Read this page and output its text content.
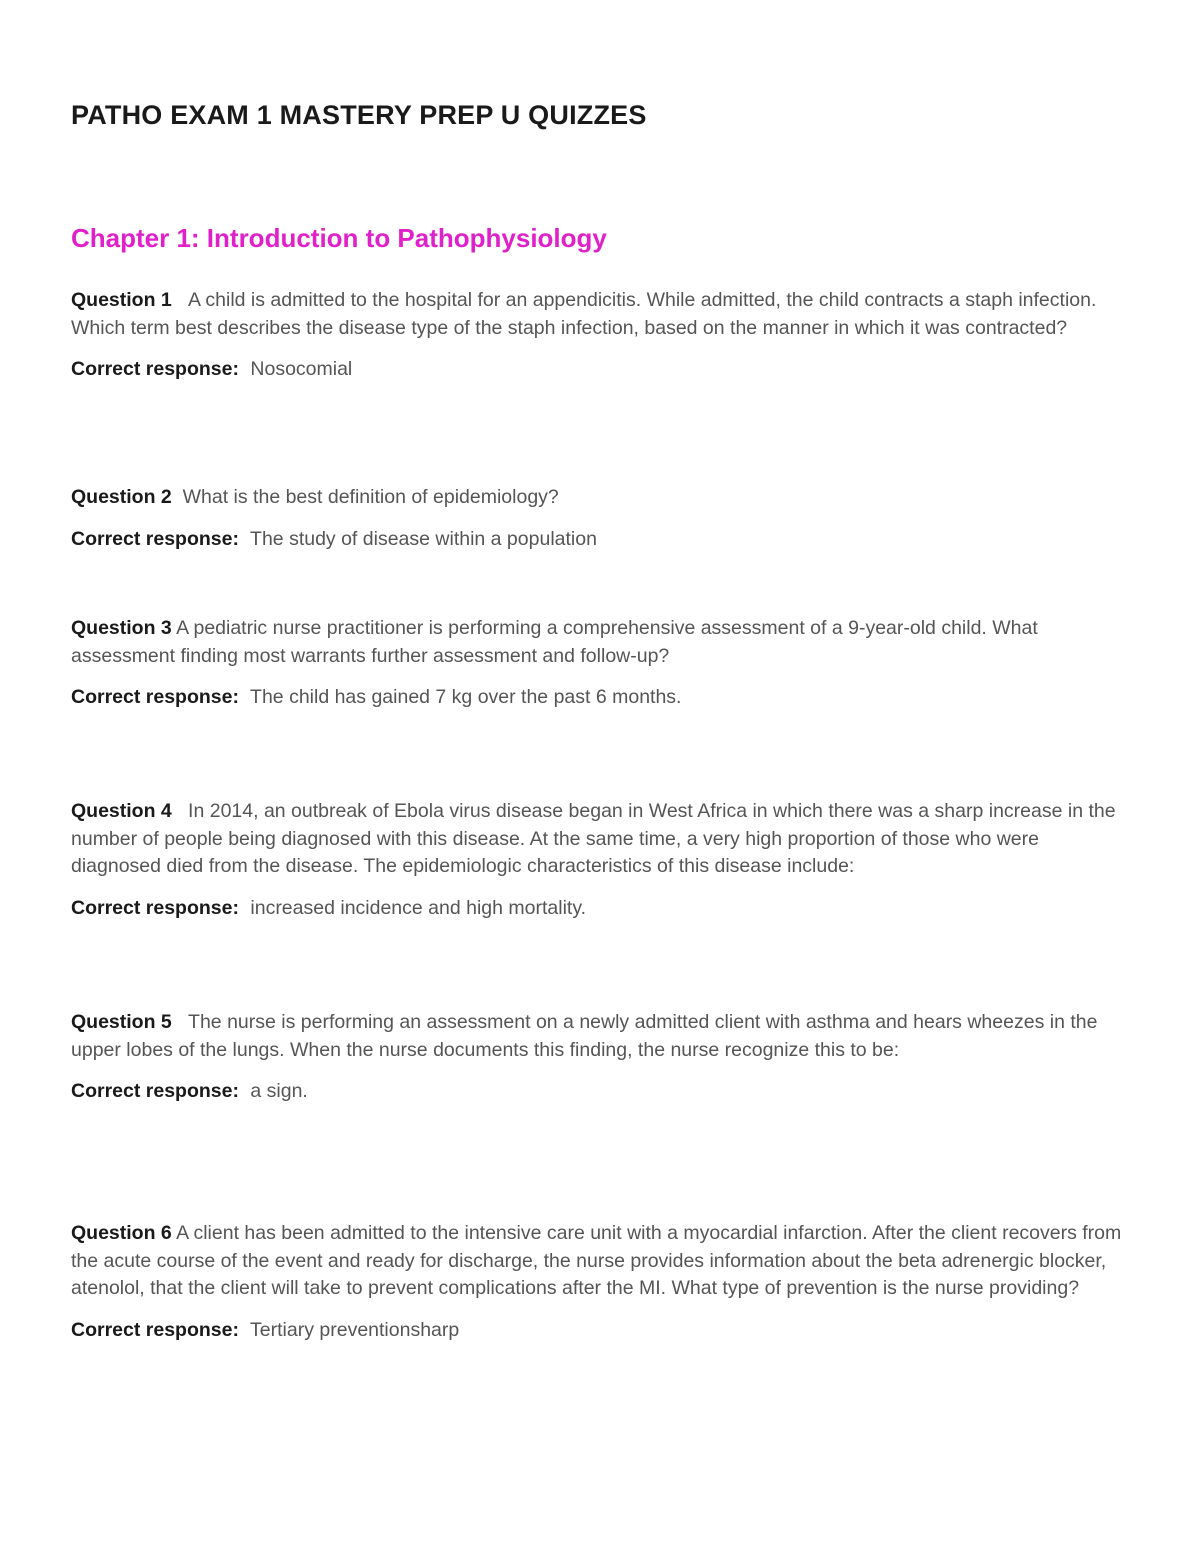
PATHO EXAM 1 MASTERY PREP U QUIZZES
Chapter 1: Introduction to Pathophysiology

Question 1 A child is admitted to the hospital for an appendicitis. While admitted, the child contracts a staph infection. Which term best describes the disease type of the staph infection, based on the manner in which it was contracted?

Correct response: Nosocomial

Question 2 What is the best definition of epidemiology?

Correct response: The study of disease within a population

Question 3 A pediatric nurse practitioner is performing a comprehensive assessment of a 9-year-old child. What assessment finding most warrants further assessment and follow-up?

Correct response: The child has gained 7 kg over the past 6 months.

Question 4 In 2014, an outbreak of Ebola virus disease began in West Africa in which there was a sharp increase in the number of people being diagnosed with this disease. At the same time, a very high proportion of those who were diagnosed died from the disease. The epidemiologic characteristics of this disease include:

Correct response: increased incidence and high mortality.

Question 5 The nurse is performing an assessment on a newly admitted client with asthma and hears wheezes in the upper lobes of the lungs. When the nurse documents this finding, the nurse recognize this to be:

Correct response: a sign.

Question 6 A client has been admitted to the intensive care unit with a myocardial infarction. After the client recovers from the acute course of the event and ready for discharge, the nurse provides information about the beta adrenergic blocker, atenolol, that the client will take to prevent complications after the MI. What type of prevention is the nurse providing?

Correct response: Tertiary preventionsharp
